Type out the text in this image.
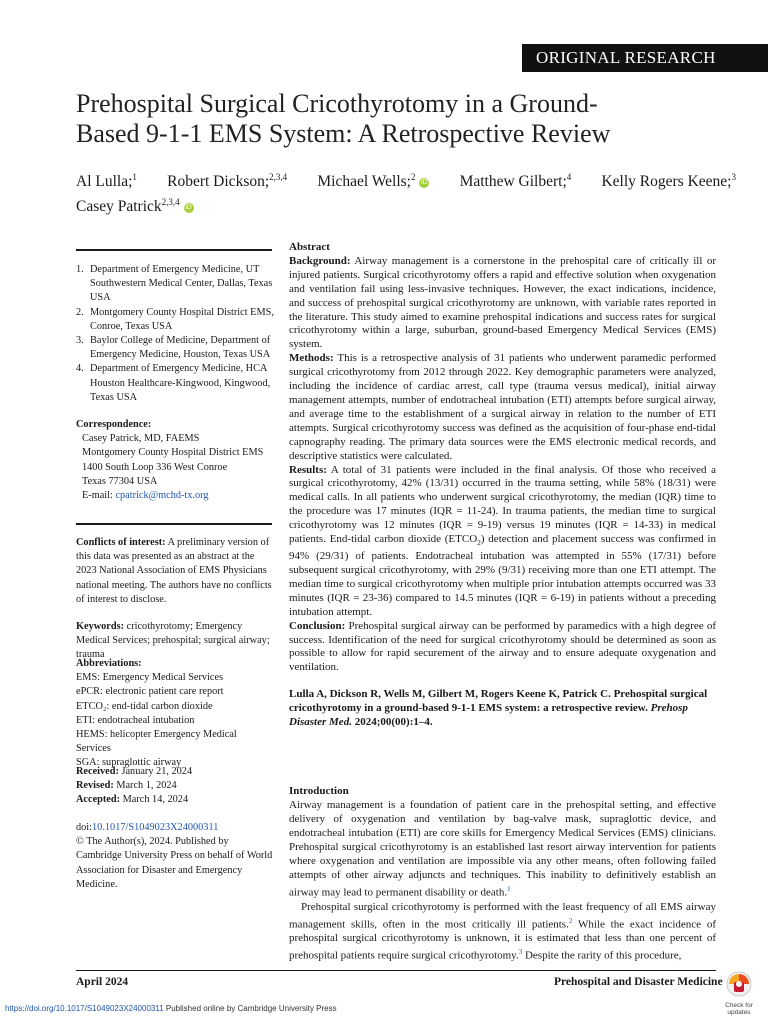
ORIGINAL RESEARCH
Prehospital Surgical Cricothyrotomy in a Ground-
Based 9-1-1 EMS System: A Retrospective Review
Al Lulla;$^1$ Robert Dickson;$^{2,3,4}$ Michael Wells;$^2$ iD Matthew Gilbert;$^4$ Kelly Rogers Keene;$^3$
Casey Patrick$^{2,3,4}$ iD
1. Department of Emergency Medicine, UT Southwestern Medical Center, Dallas, Texas USA
2. Montgomery County Hospital District EMS, Conroe, Texas USA
3. Baylor College of Medicine, Department of Emergency Medicine, Houston, Texas USA
4. Department of Emergency Medicine, HCA Houston Healthcare-Kingwood, Kingwood, Texas USA
Correspondence:
Casey Patrick, MD, FAEMS
Montgomery County Hospital District EMS
1400 South Loop 336 West Conroe
Texas 77304 USA
E-mail: cpatrick@mchd-tx.org
Conflicts of interest: A preliminary version of this data was presented as an abstract at the 2023 National Association of EMS Physicians national meeting. The authors have no conflicts of interest to disclose.
Keywords: cricothyrotomy; Emergency Medical Services; prehospital; surgical airway; trauma
Abbreviations:
EMS: Emergency Medical Services
ePCR: electronic patient care report
ETCO₂: end-tidal carbon dioxide
ETI: endotracheal intubation
HEMS: helicopter Emergency Medical Services
SGA: supraglottic airway
Received: January 21, 2024
Revised: March 1, 2024
Accepted: March 14, 2024
doi:10.1017/S1049023X24000311
© The Author(s), 2024. Published by Cambridge University Press on behalf of World Association for Disaster and Emergency Medicine.

Abstract

Background: Airway management is a cornerstone in the prehospital care of critically ill or injured patients. Surgical cricothyrotomy offers a rapid and effective solution when oxygenation and ventilation fail using less-invasive techniques. However, the exact indications, incidence, and success of prehospital surgical cricothyrotomy are unknown, with variable rates reported in the literature. This study aimed to examine prehospital indications and success rates for surgical cricothyrotomy within a large, suburban, ground-based Emergency Medical Services (EMS) system.

Methods: This is a retrospective analysis of 31 patients who underwent paramedic performed surgical cricothyrotomy from 2012 through 2022. Key demographic parameters were analyzed, including the incidence of cardiac arrest, call type (trauma versus medical), initial airway management attempts, number of endotracheal intubation (ETI) attempts before surgical airway, and average time to the establishment of a surgical airway in relation to the number of ETI attempts. Surgical cricothyrotomy success was defined as the acquisition of four-phase end-tidal capnography reading. The primary data sources were the EMS electronic medical records, and descriptive statistics were calculated.

Results: A total of 31 patients were included in the final analysis. Of those who received a surgical cricothyrotomy, 42% (13/31) occurred in the trauma setting, while 58% (18/31) were medical calls. In all patients who underwent surgical cricothyrotomy, the median (IQR) time to the procedure was 17 minutes (IQR = 11-24). In trauma patients, the median time to surgical cricothyrotomy was 12 minutes (IQR = 9-19) versus 19 minutes (IQR = 14-33) in medical patients. End-tidal carbon dioxide $(ETCO_2)$ detection and placement success was confirmed in 94% (29/31) of patients. Endotracheal intubation was attempted in 55% (17/31) before subsequent surgical cricothyrotomy, with 29% (9/31) receiving more than one ETI attempt. The median time to surgical cricothyrotomy when multiple prior intubation attempts occurred was 33 minutes (IQR = 23-36) compared to 14.5 minutes (IQR = 6-19) in patients without a preceding intubation attempt.

Conclusion: Prehospital surgical airway can be performed by paramedics with a high degree of success. Identification of the need for surgical cricothyrotomy should be determined as soon as possible to allow for rapid securement of the airway and to ensure adequate oxygenation and ventilation.

Lulla A, Dickson R, Wells M, Gilbert M, Rogers Keene K, Patrick C. Prehospital surgical cricothyrotomy in a ground-based 9-1-1 EMS system: a retrospective review. Prehosp Disaster Med. 2024;00(00):1–4.

Introduction

Airway management is a foundation of patient care in the prehospital setting, and effective delivery of oxygenation and ventilation by bag-valve mask, supraglottic device, and endotracheal intubation (ETI) are core skills for Emergency Medical Services (EMS) clinicians. Prehospital surgical cricothyrotomy is an established last resort airway intervention for patients where oxygenation and ventilation are impossible via any other means, often following failed attempts of other airway adjuncts and techniques. This inability to definitively establish an airway may lead to permanent disability or death.$^1$

Prehospital surgical cricothyrotomy is performed with the least frequency of all EMS airway management skills, often in the most critically ill patients.$^2$ While the exact incidence of prehospital surgical cricothyrotomy is unknown, it is estimated that less than one percent of prehospital patients require surgical cricothyrotomy.$^3$ Despite the rarity of this procedure,

April 2024	Prehospital and Disaster Medicine
https://doi.org/10.1017/S1049023X24000311 Published online by Cambridge University Press	Check for
updates
